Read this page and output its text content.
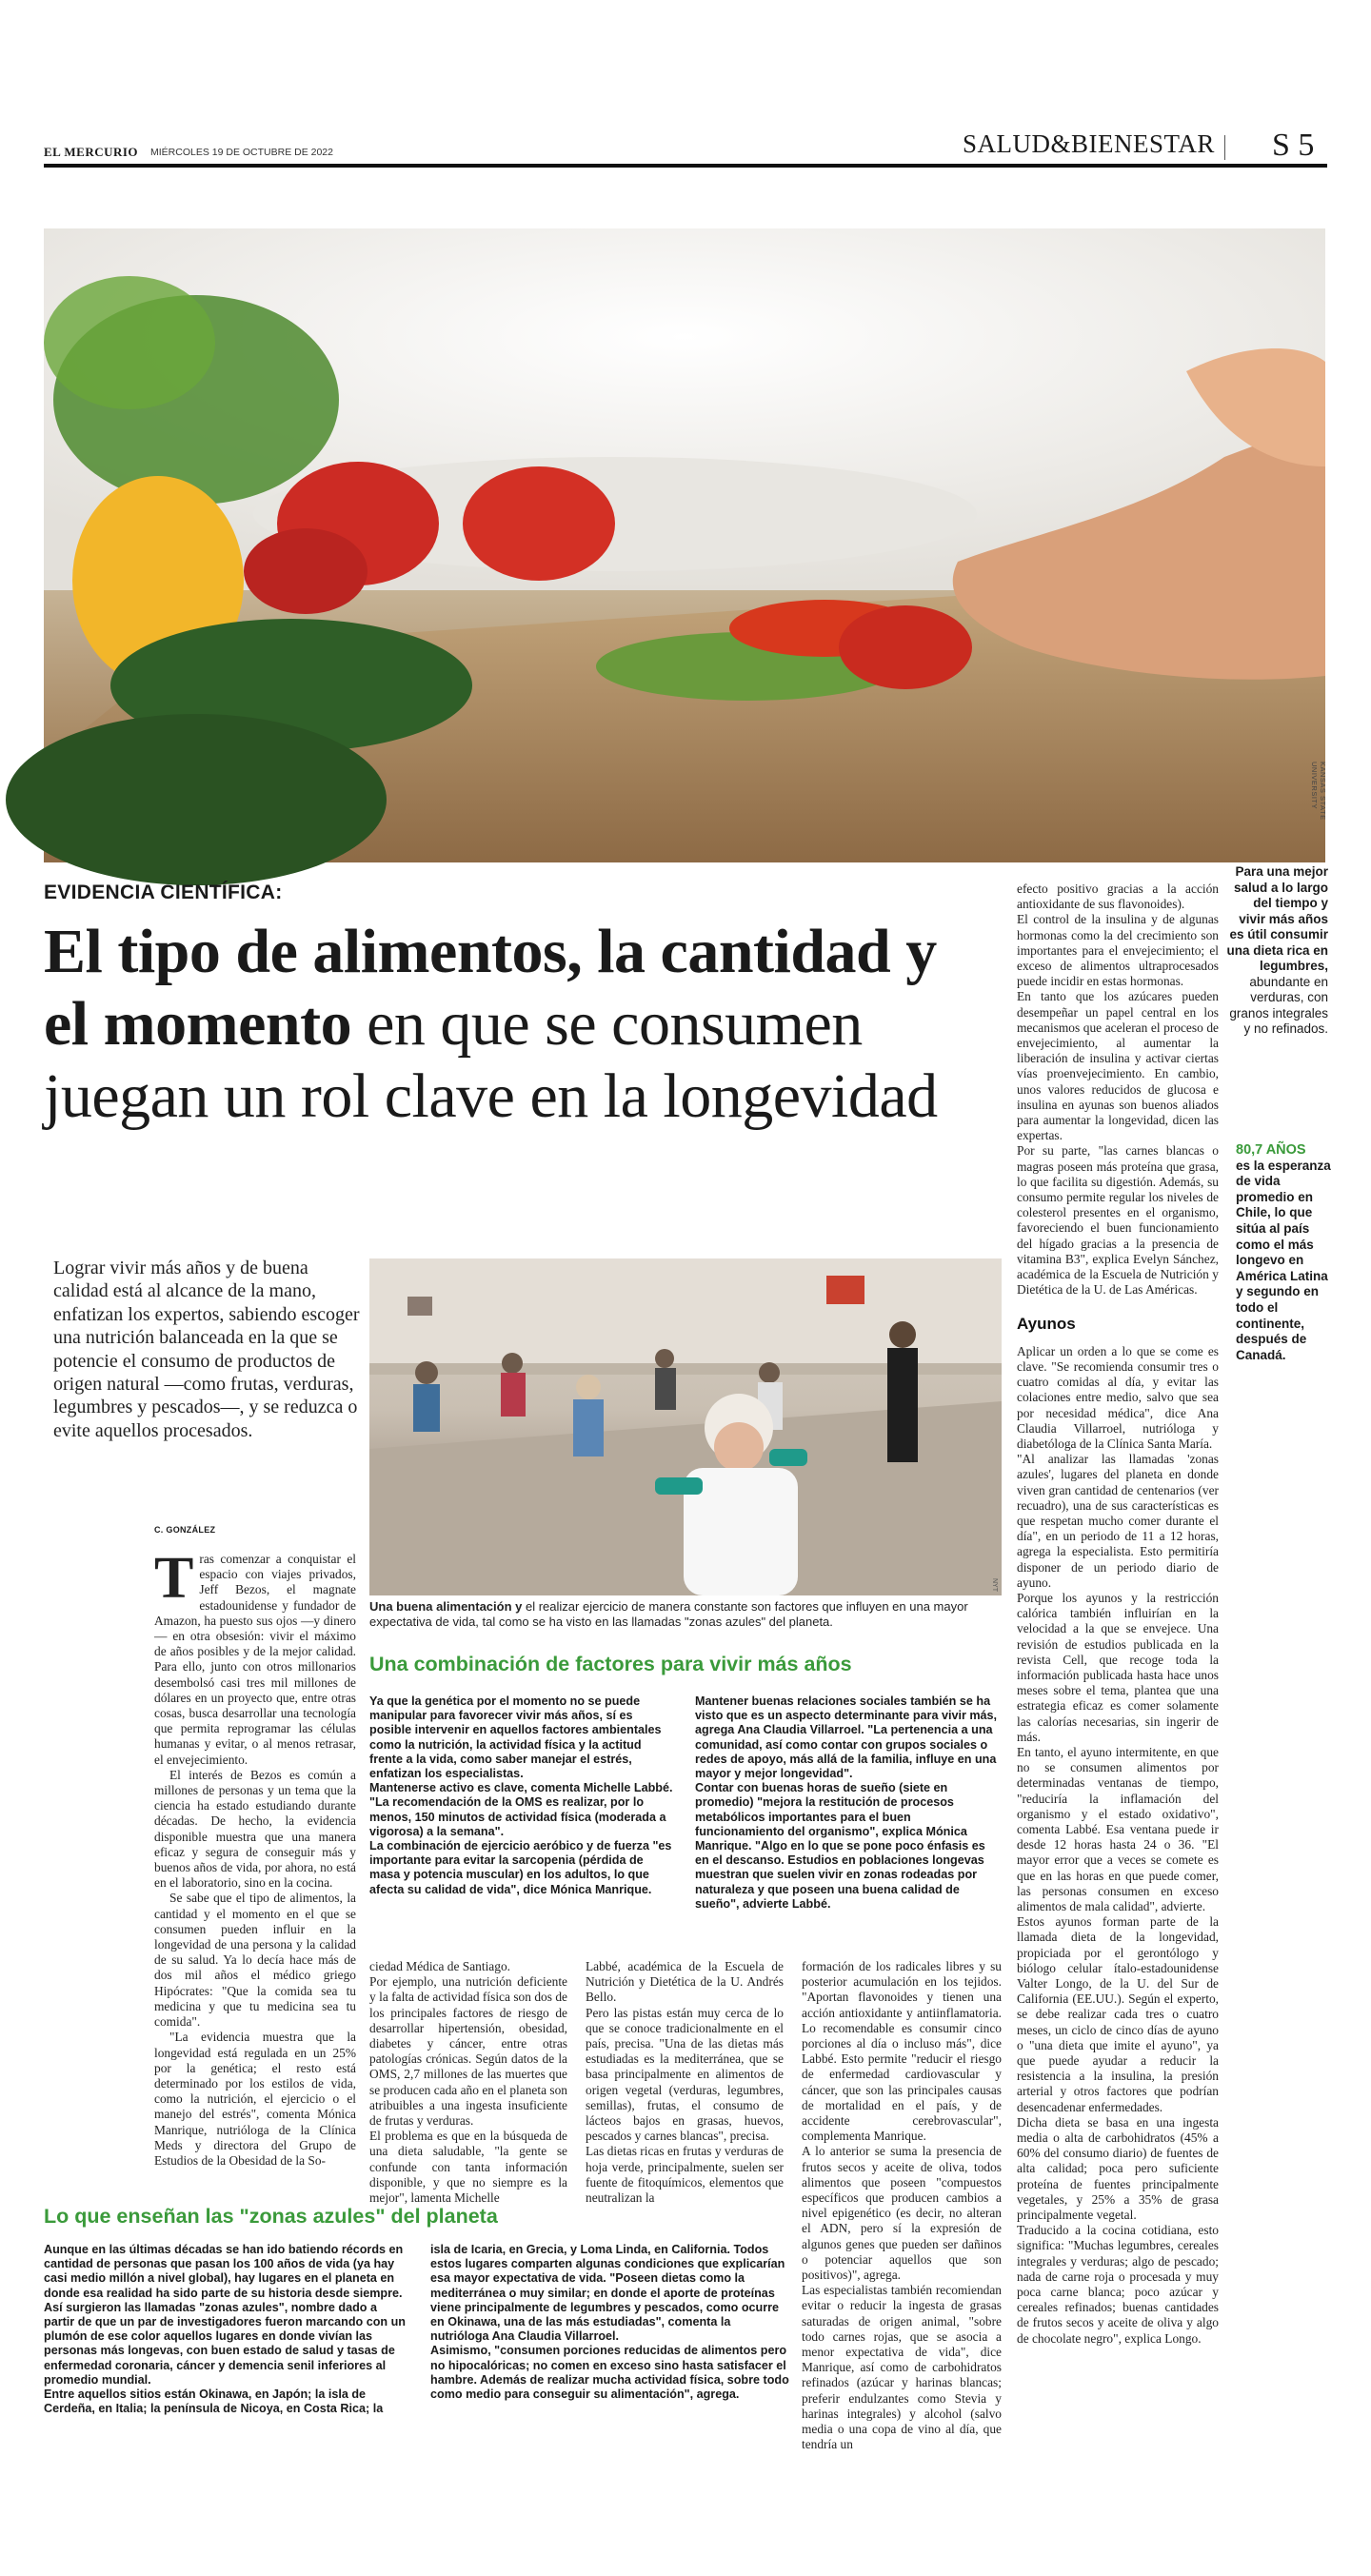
EL MERCURIO MIÉRCOLES 19 DE OCTUBRE DE 2022	SALUD&BIENESTAR S 5
KANSAS STATE UNIVERSITY
Para una mejor salud a lo largo del tiempo y vivir más años es útil consumir una dieta rica en legumbres, abundante en verduras, con granos integrales y no refinados.
80,7 AÑOS
es la esperanza de vida promedio en Chile, lo que sitúa al país como el más longevo en América Latina y segundo en todo el continente, después de Canadá.
EVIDENCIA CIENTÍFICA:
El tipo de alimentos, la cantidad y el momento en que se consumen juegan un rol clave en la longevidad
Lograr vivir más años y de buena calidad está al alcance de la mano, enfatizan los expertos, sabiendo escoger una nutrición balanceada en la que se potencie el consumo de productos de origen natural —como frutas, verduras, legumbres y pescados—, y se reduzca o evite aquellos procesados.
C. GONZÁLEZ
NYT
Una buena alimentación y el realizar ejercicio de manera constante son factores que influyen en una mayor expectativa de vida, tal como se ha visto en las llamadas "zonas azules" del planeta.

Tras comenzar a conquistar el espacio con viajes privados, Jeff Bezos, el magnate estadounidense y fundador de Amazon, ha puesto sus ojos —y dinero— en otra obsesión: vivir el máximo de años posibles y de la mejor calidad. Para ello, junto con otros millonarios desembolsó casi tres mil millones de dólares en un proyecto que, entre otras cosas, busca desarrollar una tecnología que permita reprogramar las células humanas y evitar, o al menos retrasar, el envejecimiento.

El interés de Bezos es común a millones de personas y un tema que la ciencia ha estado estudiando durante décadas. De hecho, la evidencia disponible muestra que una manera eficaz y segura de conseguir más y buenos años de vida, por ahora, no está en el laboratorio, sino en la cocina.

Se sabe que el tipo de alimentos, la cantidad y el momento en el que se consumen pueden influir en la longevidad de una persona y la calidad de su salud. Ya lo decía hace más de dos mil años el médico griego Hipócrates: "Que la comida sea tu medicina y que tu medicina sea tu comida".

"La evidencia muestra que la longevidad está regulada en un 25% por la genética; el resto está determinado por los estilos de vida, como la nutrición, el ejercicio o el manejo del estrés", comenta Mónica Manrique, nutrióloga de la Clínica Meds y directora del Grupo de Estudios de la Obesidad de la So-

Una combinación de factores para vivir más años
Ya que la genética por el momento no se puede manipular para favorecer vivir más años, sí es posible intervenir en aquellos factores ambientales como la nutrición, la actividad física y la actitud frente a la vida, como saber manejar el estrés, enfatizan los especialistas.
Mantenerse activo es clave, comenta Michelle Labbé. "La recomendación de la OMS es realizar, por lo menos, 150 minutos de actividad física (moderada a vigorosa) a la semana".
La combinación de ejercicio aeróbico y de fuerza "es importante para evitar la sarcopenia (pérdida de masa y potencia muscular) en los adultos, lo que afecta su calidad de vida", dice Mónica Manrique.
Mantener buenas relaciones sociales también se ha visto que es un aspecto determinante para vivir más, agrega Ana Claudia Villarroel. "La pertenencia a una comunidad, así como contar con grupos sociales o redes de apoyo, más allá de la familia, influye en una mayor y mejor longevidad".
Contar con buenas horas de sueño (siete en promedio) "mejora la restitución de procesos metabólicos importantes para el buen funcionamiento del organismo", explica Mónica Manrique. "Algo en lo que se pone poco énfasis es en el descanso. Estudios en poblaciones longevas muestran que suelen vivir en zonas rodeadas por naturaleza y que poseen una buena calidad de sueño", advierte Labbé.
ciedad Médica de Santiago.
Por ejemplo, una nutrición deficiente y la falta de actividad física son dos de los principales factores de riesgo de desarrollar hipertensión, obesidad, diabetes y cáncer, entre otras patologías crónicas. Según datos de la OMS, 2,7 millones de las muertes que se producen cada año en el planeta son atribuibles a una ingesta insuficiente de frutas y verduras.
El problema es que en la búsqueda de una dieta saludable, "la gente se confunde con tanta información disponible, y que no siempre es la mejor", lamenta Michelle
Labbé, académica de la Escuela de Nutrición y Dietética de la U. Andrés Bello.
Pero las pistas están muy cerca de lo que se conoce tradicionalmente en el país, precisa. "Una de las dietas más estudiadas es la mediterránea, que se basa principalmente en alimentos de origen vegetal (verduras, legumbres, semillas), frutas, el consumo de lácteos bajos en grasas, huevos, pescados y carnes blancas", precisa.
Las dietas ricas en frutas y verduras de hoja verde, principalmente, suelen ser fuente de fitoquímicos, elementos que neutralizan la
formación de los radicales libres y su posterior acumulación en los tejidos. "Aportan flavonoides y tienen una acción antioxidante y antiinflamatoria. Lo recomendable es consumir cinco porciones al día o incluso más", dice Labbé. Esto permite "reducir el riesgo de enfermedad cardiovascular y cáncer, que son las principales causas de mortalidad en el país, y de accidente cerebrovascular", complementa Manrique.
A lo anterior se suma la presencia de frutos secos y aceite de oliva, todos alimentos que poseen "compuestos específicos que producen cambios a nivel epigenético (es decir, no alteran el ADN, pero sí la expresión de algunos genes que pueden ser dañinos o potenciar aquellos que son positivos)", agrega.
Las especialistas también recomiendan evitar o reducir la ingesta de grasas saturadas de origen animal, "sobre todo carnes rojas, que se asocia a menor expectativa de vida", dice Manrique, así como de carbohidratos refinados (azúcar y harinas blancas; preferir endulzantes como Stevia y harinas integrales) y alcohol (salvo media o una copa de vino al día, que tendría un
efecto positivo gracias a la acción antioxidante de sus flavonoides).
El control de la insulina y de algunas hormonas como la del crecimiento son importantes para el envejecimiento; el exceso de alimentos ultraprocesados puede incidir en estas hormonas.
En tanto que los azúcares pueden desempeñar un papel central en los mecanismos que aceleran el proceso de envejecimiento, al aumentar la liberación de insulina y activar ciertas vías proenvejecimiento. En cambio, unos valores reducidos de glucosa e insulina en ayunas son buenos aliados para aumentar la longevidad, dicen las expertas.
Por su parte, "las carnes blancas o magras poseen más proteína que grasa, lo que facilita su digestión. Además, su consumo permite regular los niveles de colesterol presentes en el organismo, favoreciendo el buen funcionamiento del hígado gracias a la presencia de vitamina B3", explica Evelyn Sánchez, académica de la Escuela de Nutrición y Dietética de la U. de Las Américas.
Ayunos
Aplicar un orden a lo que se come es clave. "Se recomienda consumir tres o cuatro comidas al día, y evitar las colaciones entre medio, salvo que sea por necesidad médica", dice Ana Claudia Villarroel, nutrióloga y diabetóloga de la Clínica Santa María.
"Al analizar las llamadas 'zonas azules', lugares del planeta en donde viven gran cantidad de centenarios (ver recuadro), una de sus características es que respetan mucho comer durante el día", en un periodo de 11 a 12 horas, agrega la especialista. Esto permitiría disponer de un periodo diario de ayuno.
Porque los ayunos y la restricción calórica también influirían en la velocidad a la que se envejece. Una revisión de estudios publicada en la revista Cell, que recoge toda la información publicada hasta hace unos meses sobre el tema, plantea que una estrategia eficaz es comer solamente las calorías necesarias, sin ingerir de más.
En tanto, el ayuno intermitente, en que no se consumen alimentos por determinadas ventanas de tiempo, "reduciría la inflamación del organismo y el estado oxidativo", comenta Labbé. Esa ventana puede ir desde 12 horas hasta 24 o 36. "El mayor error que a veces se comete es que en las horas en que puede comer, las personas consumen en exceso alimentos de mala calidad", advierte.
Estos ayunos forman parte de la llamada dieta de la longevidad, propiciada por el gerontólogo y biólogo celular ítalo-estadounidense Valter Longo, de la U. del Sur de California (EE.UU.). Según el experto, se debe realizar cada tres o cuatro meses, un ciclo de cinco días de ayuno o "una dieta que imite el ayuno", ya que puede ayudar a reducir la resistencia a la insulina, la presión arterial y otros factores que podrían desencadenar enfermedades.
Dicha dieta se basa en una ingesta media o alta de carbohidratos (45% a 60% del consumo diario) de fuentes de alta calidad; poca pero suficiente proteína de fuentes principalmente vegetales, y 25% a 35% de grasa principalmente vegetal.
Traducido a la cocina cotidiana, esto significa: "Muchas legumbres, cereales integrales y verduras; algo de pescado; nada de carne roja o procesada y muy poca carne blanca; poco azúcar y cereales refinados; buenas cantidades de frutos secos y aceite de oliva y algo de chocolate negro", explica Longo.
Lo que enseñan las "zonas azules" del planeta
Aunque en las últimas décadas se han ido batiendo récords en cantidad de personas que pasan los 100 años de vida (ya hay casi medio millón a nivel global), hay lugares en el planeta en donde esa realidad ha sido parte de su historia desde siempre. Así surgieron las llamadas "zonas azules", nombre dado a partir de que un par de investigadores fueron marcando con un plumón de ese color aquellos lugares en donde vivían las personas más longevas, con buen estado de salud y tasas de enfermedad coronaria, cáncer y demencia senil inferiores al promedio mundial.
Entre aquellos sitios están Okinawa, en Japón; la isla de Cerdeña, en Italia; la península de Nicoya, en Costa Rica; la
isla de Icaria, en Grecia, y Loma Linda, en California. Todos estos lugares comparten algunas condiciones que explicarían esa mayor expectativa de vida. "Poseen dietas como la mediterránea o muy similar; en donde el aporte de proteínas viene principalmente de legumbres y pescados, como ocurre en Okinawa, una de las más estudiadas", comenta la nutrióloga Ana Claudia Villarroel.
Asimismo, "consumen porciones reducidas de alimentos pero no hipocalóricas; no comen en exceso sino hasta satisfacer el hambre. Además de realizar mucha actividad física, sobre todo como medio para conseguir su alimentación", agrega.
